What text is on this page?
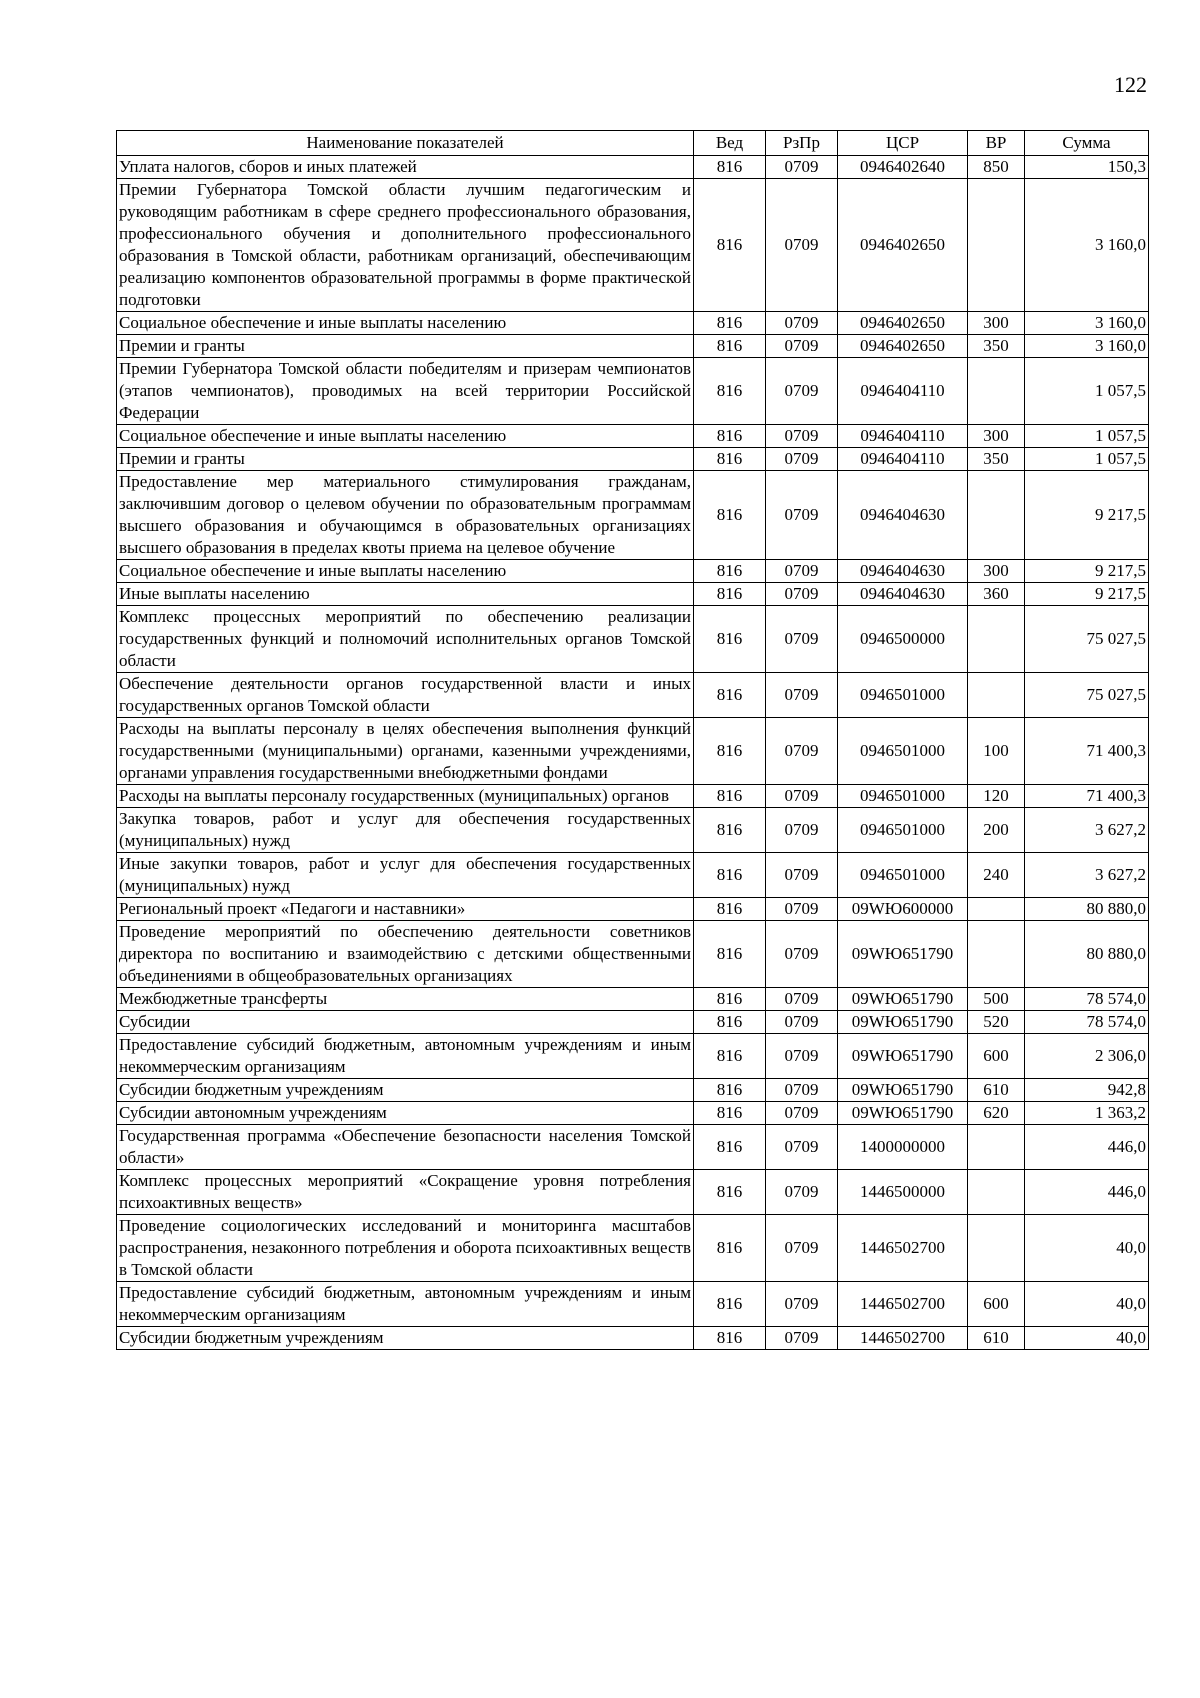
122
Наименование показателей	Вед	РзПр	ЦСР	ВР	Сумма
Уплата налогов, сборов и иных платежей	816	0709	0946402640	850	150,3
Премии Губернатора Томской области лучшим педагогическим и руководящим работникам в сфере среднего профессионального образования, профессионального обучения и дополнительного профессионального образования в Томской области, работникам организаций, обеспечивающим реализацию компонентов образовательной программы в форме практической подготовки	816	0709	0946402650		3 160,0
Социальное обеспечение и иные выплаты населению	816	0709	0946402650	300	3 160,0
Премии и гранты	816	0709	0946402650	350	3 160,0
Премии Губернатора Томской области победителям и призерам чемпионатов (этапов чемпионатов), проводимых на всей территории Российской Федерации	816	0709	0946404110		1 057,5
Социальное обеспечение и иные выплаты населению	816	0709	0946404110	300	1 057,5
Премии и гранты	816	0709	0946404110	350	1 057,5
Предоставление мер материального стимулирования гражданам, заключившим договор о целевом обучении по образовательным программам высшего образования и обучающимся в образовательных организациях высшего образования в пределах квоты приема на целевое обучение	816	0709	0946404630		9 217,5
Социальное обеспечение и иные выплаты населению	816	0709	0946404630	300	9 217,5
Иные выплаты населению	816	0709	0946404630	360	9 217,5
Комплекс процессных мероприятий по обеспечению реализации государственных функций и полномочий исполнительных органов Томской области	816	0709	0946500000		75 027,5
Обеспечение деятельности органов государственной власти и иных государственных органов Томской области	816	0709	0946501000		75 027,5
Расходы на выплаты персоналу в целях обеспечения выполнения функций государственными (муниципальными) органами, казенными учреждениями, органами управления государственными внебюджетными фондами	816	0709	0946501000	100	71 400,3
Расходы на выплаты персоналу государственных (муниципальных) органов	816	0709	0946501000	120	71 400,3
Закупка товаров, работ и услуг для обеспечения государственных (муниципальных) нужд	816	0709	0946501000	200	3 627,2
Иные закупки товаров, работ и услуг для обеспечения государственных (муниципальных) нужд	816	0709	0946501000	240	3 627,2
Региональный проект «Педагоги и наставники»	816	0709	09WЮ600000		80 880,0
Проведение мероприятий по обеспечению деятельности советников директора по воспитанию и взаимодействию с детскими общественными объединениями в общеобразовательных организациях	816	0709	09WЮ651790		80 880,0
Межбюджетные трансферты	816	0709	09WЮ651790	500	78 574,0
Субсидии	816	0709	09WЮ651790	520	78 574,0
Предоставление субсидий бюджетным, автономным учреждениям и иным некоммерческим организациям	816	0709	09WЮ651790	600	2 306,0
Субсидии бюджетным учреждениям	816	0709	09WЮ651790	610	942,8
Субсидии автономным учреждениям	816	0709	09WЮ651790	620	1 363,2
Государственная программа «Обеспечение безопасности населения Томской области»	816	0709	1400000000		446,0
Комплекс процессных мероприятий «Сокращение уровня потребления психоактивных веществ»	816	0709	1446500000		446,0
Проведение социологических исследований и мониторинга масштабов распространения, незаконного потребления и оборота психоактивных веществ в Томской области	816	0709	1446502700		40,0
Предоставление субсидий бюджетным, автономным учреждениям и иным некоммерческим организациям	816	0709	1446502700	600	40,0
Субсидии бюджетным учреждениям	816	0709	1446502700	610	40,0
